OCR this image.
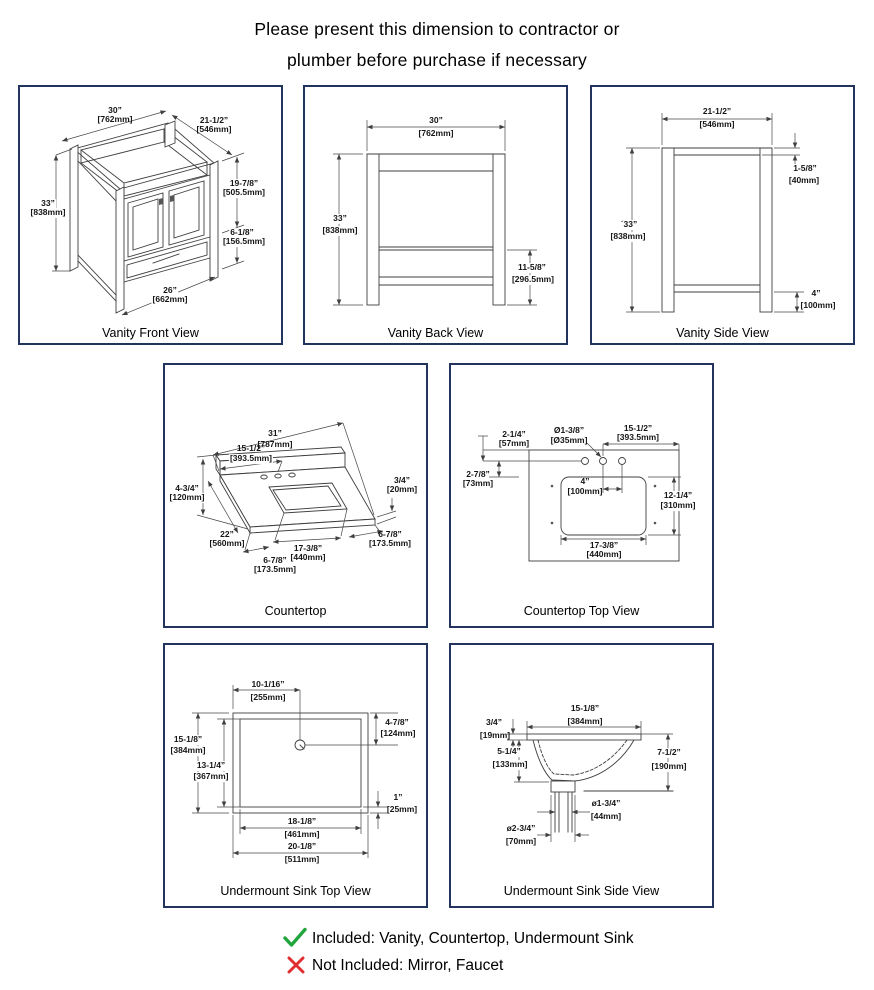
Please present this dimension to contractor or
plumber before purchase if necessary
30”
[762mm]	21-1/2”
[546mm]
33”
[838mm]
19-7/8”
[505.5mm]
6-1/8”
[156.5mm]
26”
[662mm]
Vanity Front View
30”
[762mm]
33”
[838mm]
11-5/8”
[296.5mm]
Vanity Back View
21-1/2”
[546mm]
1-5/8”
[40mm]
´33”
[838mm]
4”
[100mm]
Vanity Side View
31”
[787mm]
15-1/2”
[393.5mm]
4-3/4”
[120mm]
3/4”
[20mm]
22”
[560mm]	17-3/8”
[440mm]
6-7/8”
[173.5mm]
6-7/8”
[173.5mm]
Countertop
2-1/4”
[57mm]
Ø1-3/8”
[Ø35mm]
15-1/2”
[393.5mm]
2-7/8”
[73mm]	4”
[100mm]	12-1/4”
[310mm]
17-3/8”
[440mm]
Countertop Top View
10-1/16”
[255mm]
15-1/8”
[384mm]
13-1/4”
[367mm]
4-7/8”
[124mm]
1”
[25mm]
18-1/8”
[461mm]
20-1/8”
[511mm]
Undermount Sink Top View
3/4”
[19mm]
15-1/8”
[384mm]
5-1/4”
[133mm]
7-1/2”
[190mm]
ø1-3/4”
[44mm]
ø2-3/4”
[70mm]
Undermount Sink Side View
Included: Vanity, Countertop, Undermount Sink
Not Included: Mirror, Faucet
